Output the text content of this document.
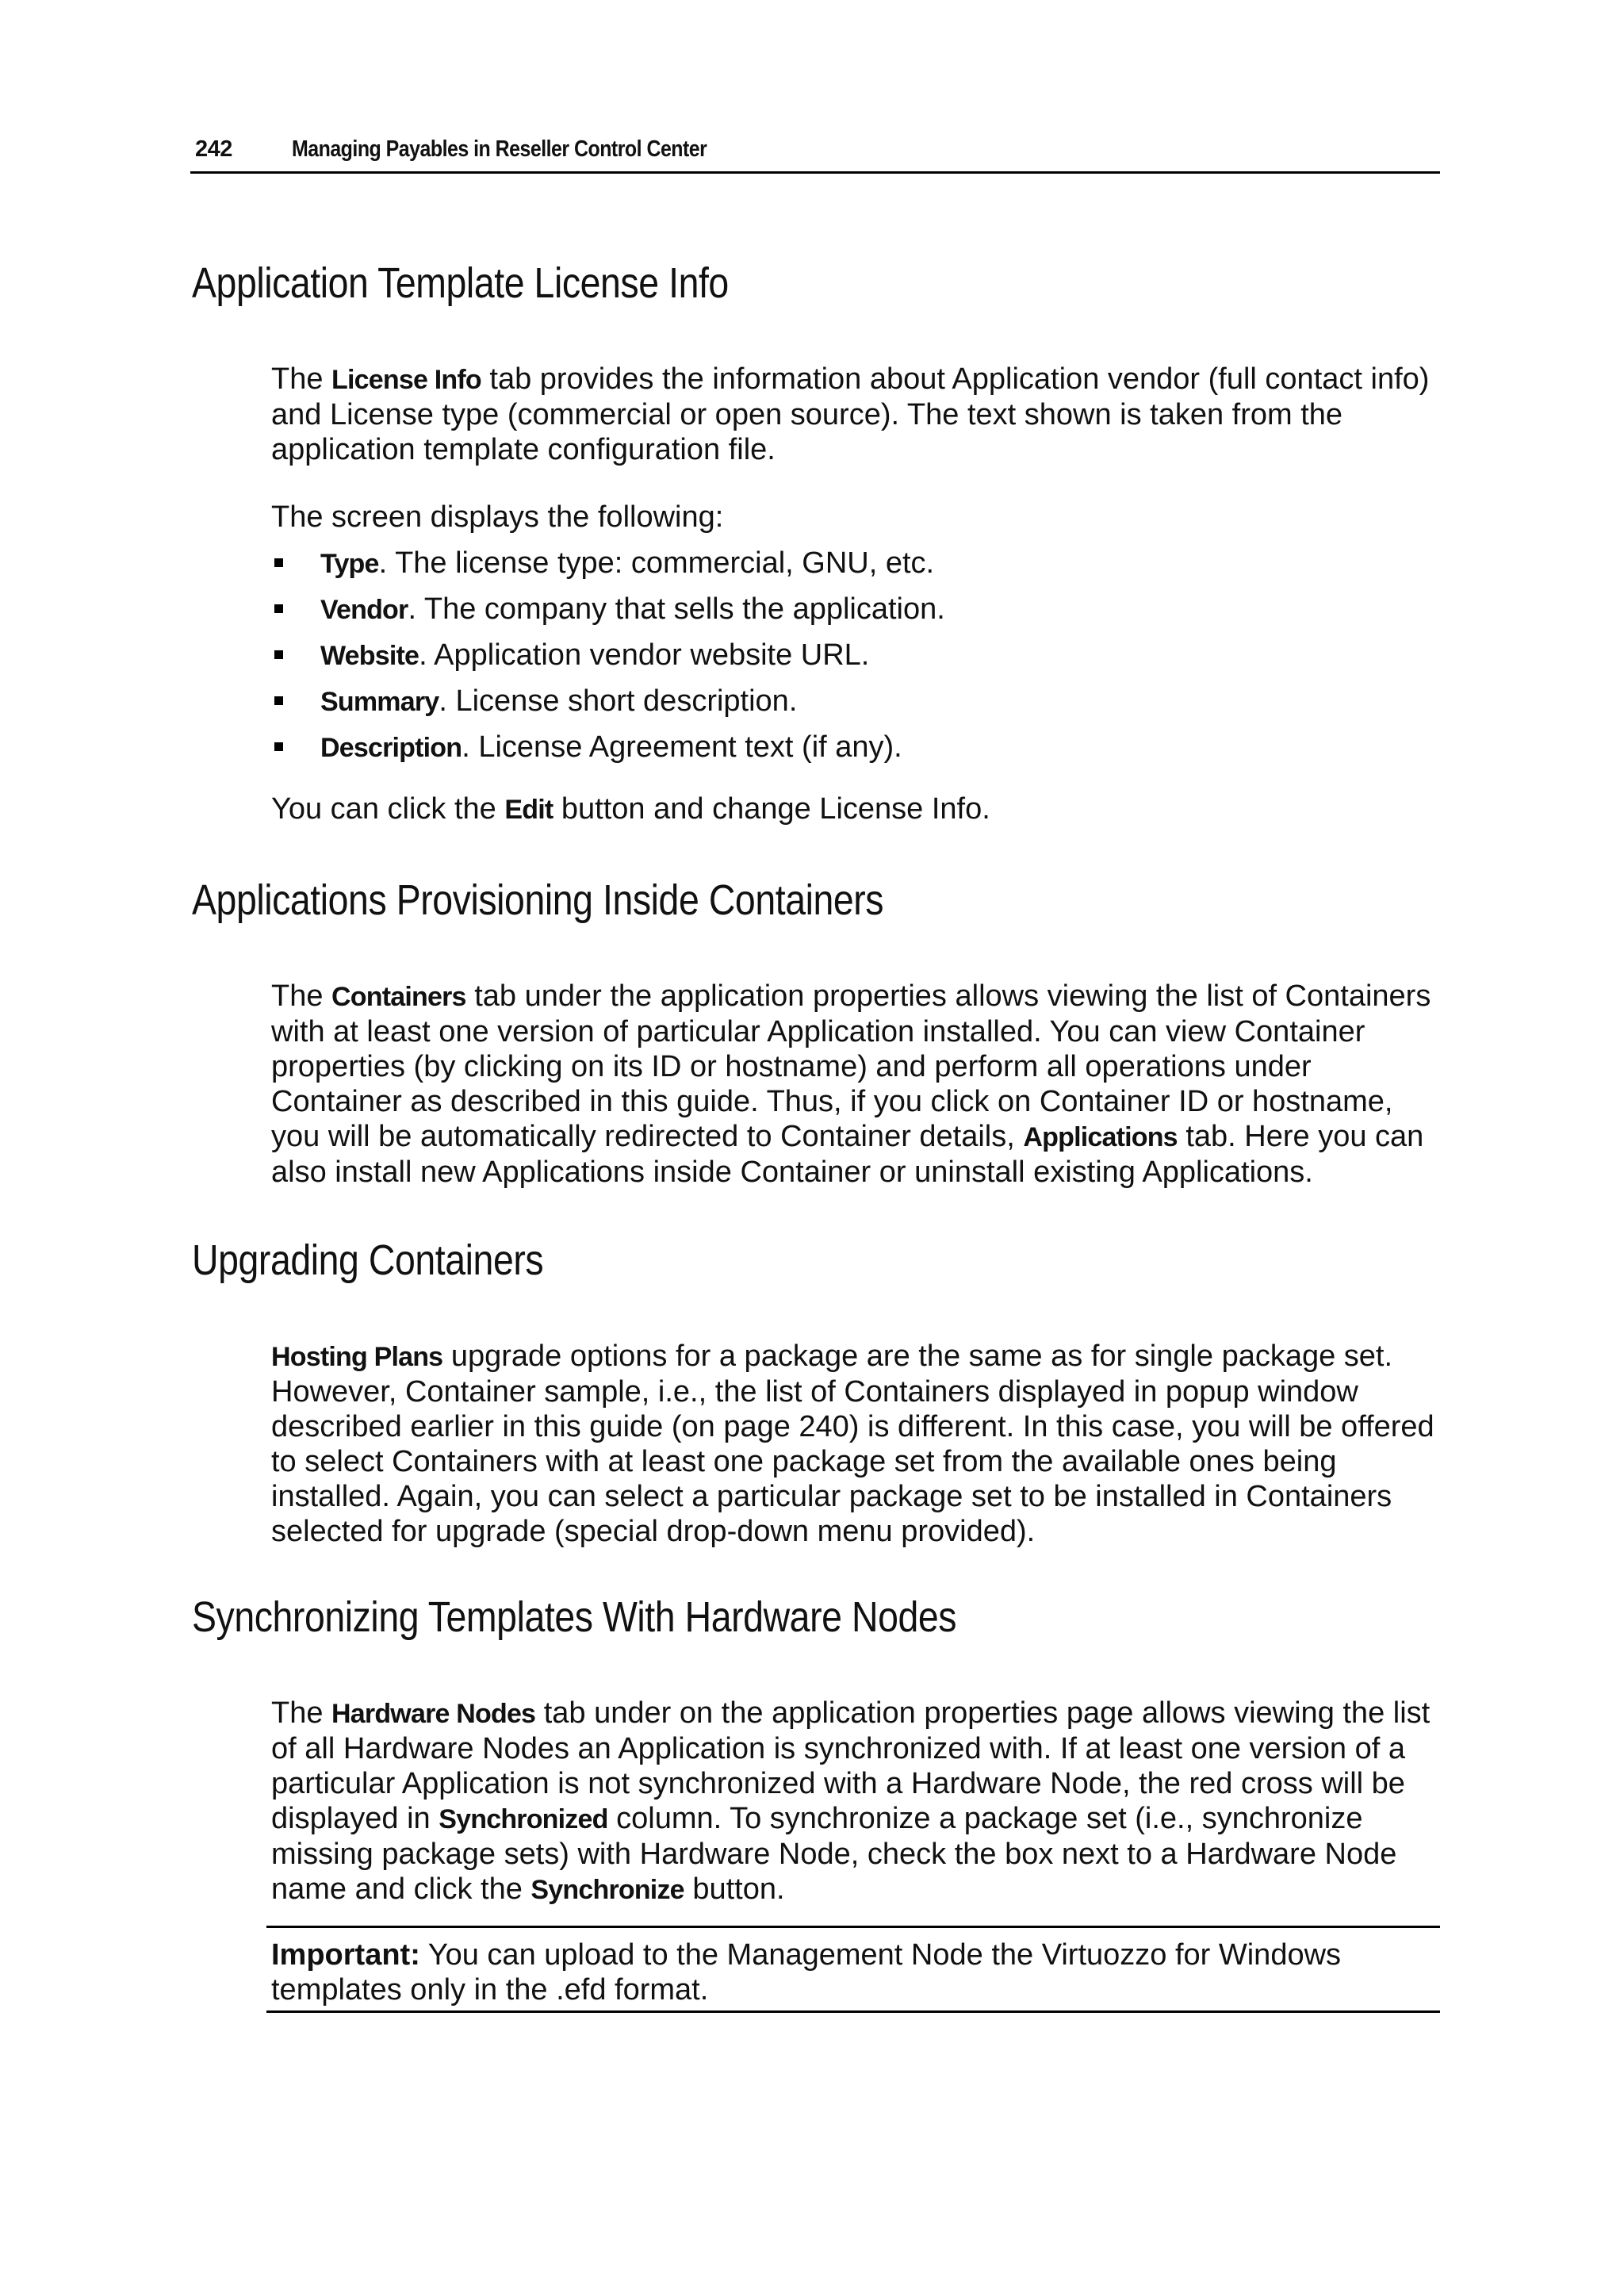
242	Managing Payables in Reseller Control Center
Application Template License Info

The License Info tab provides the information about Application vendor (full contact info) and License type (commercial or open source). The text shown is taken from the application template configuration file.

The screen displays the following:

Type. The license type: commercial, GNU, etc.
Vendor. The company that sells the application.
Website. Application vendor website URL.
Summary. License short description.
Description. License Agreement text (if any).

You can click the Edit button and change License Info.

Applications Provisioning Inside Containers

The Containers tab under the application properties allows viewing the list of Containers with at least one version of particular Application installed. You can view Container properties (by clicking on its ID or hostname) and perform all operations under Container as described in this guide. Thus, if you click on Container ID or hostname, you will be automatically redirected to Container details, Applications tab. Here you can also install new Applications inside Container or uninstall existing Applications.

Upgrading Containers

Hosting Plans upgrade options for a package are the same as for single package set. However, Container sample, i.e., the list of Containers displayed in popup window described earlier in this guide (on page 240) is different. In this case, you will be offered to select Containers with at least one package set from the available ones being installed. Again, you can select a particular package set to be installed in Containers selected for upgrade (special drop-down menu provided).

Synchronizing Templates With Hardware Nodes

The Hardware Nodes tab under on the application properties page allows viewing the list of all Hardware Nodes an Application is synchronized with. If at least one version of a particular Application is not synchronized with a Hardware Node, the red cross will be displayed in Synchronized column. To synchronize a package set (i.e., synchronize missing package sets) with Hardware Node, check the box next to a Hardware Node name and click the Synchronize button.

Important: You can upload to the Management Node the Virtuozzo for Windows templates only in the .efd format.
